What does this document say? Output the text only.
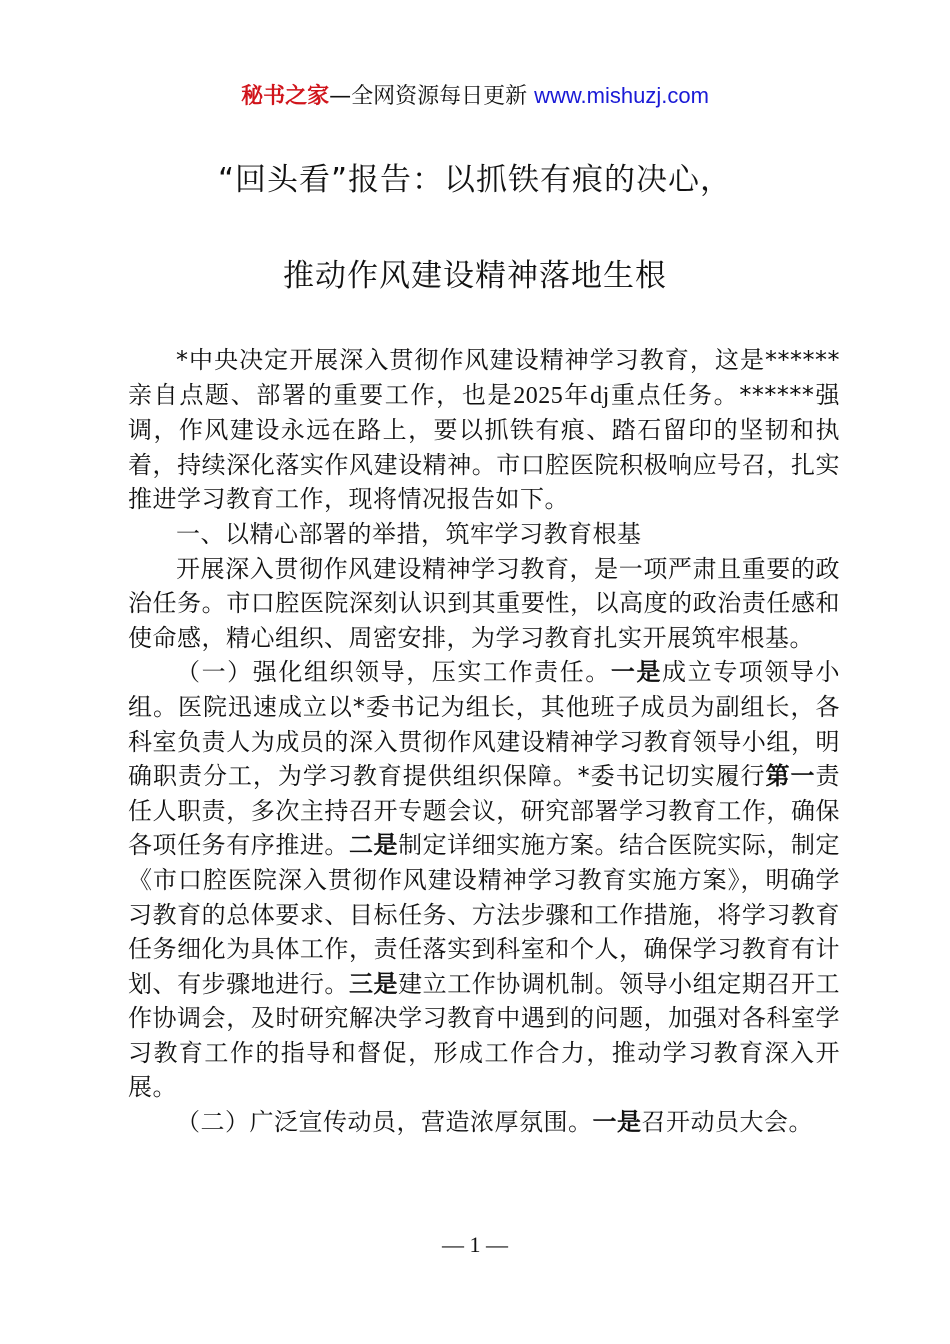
秘书之家—全网资源每日更新 www.mishuzj.com
“回头看”报告：以抓铁有痕的决心，
推动作风建设精神落地生根

*中央决定开展深入贯彻作风建设精神学习教育，这是******亲自点题、部署的重要工作，也是2025年dj重点任务。******强调，作风建设永远在路上，要以抓铁有痕、踏石留印的坚韧和执着，持续深化落实作风建设精神。市口腔医院积极响应号召，扎实推进学习教育工作，现将情况报告如下。

一、以精心部署的举措，筑牢学习教育根基

开展深入贯彻作风建设精神学习教育，是一项严肃且重要的政治任务。市口腔医院深刻认识到其重要性，以高度的政治责任感和使命感，精心组织、周密安排，为学习教育扎实开展筑牢根基。

（一）强化组织领导，压实工作责任。一是成立专项领导小组。医院迅速成立以*委书记为组长，其他班子成员为副组长，各科室负责人为成员的深入贯彻作风建设精神学习教育领导小组，明确职责分工，为学习教育提供组织保障。*委书记切实履行第一责任人职责，多次主持召开专题会议，研究部署学习教育工作，确保各项任务有序推进。二是制定详细实施方案。结合医院实际，制定《市口腔医院深入贯彻作风建设精神学习教育实施方案》，明确学习教育的总体要求、目标任务、方法步骤和工作措施，将学习教育任务细化为具体工作，责任落实到科室和个人，确保学习教育有计划、有步骤地进行。三是建立工作协调机制。领导小组定期召开工作协调会，及时研究解决学习教育中遇到的问题，加强对各科室学习教育工作的指导和督促，形成工作合力，推动学习教育深入开展。

（二）广泛宣传动员，营造浓厚氛围。一是召开动员大会。

— 1 —
